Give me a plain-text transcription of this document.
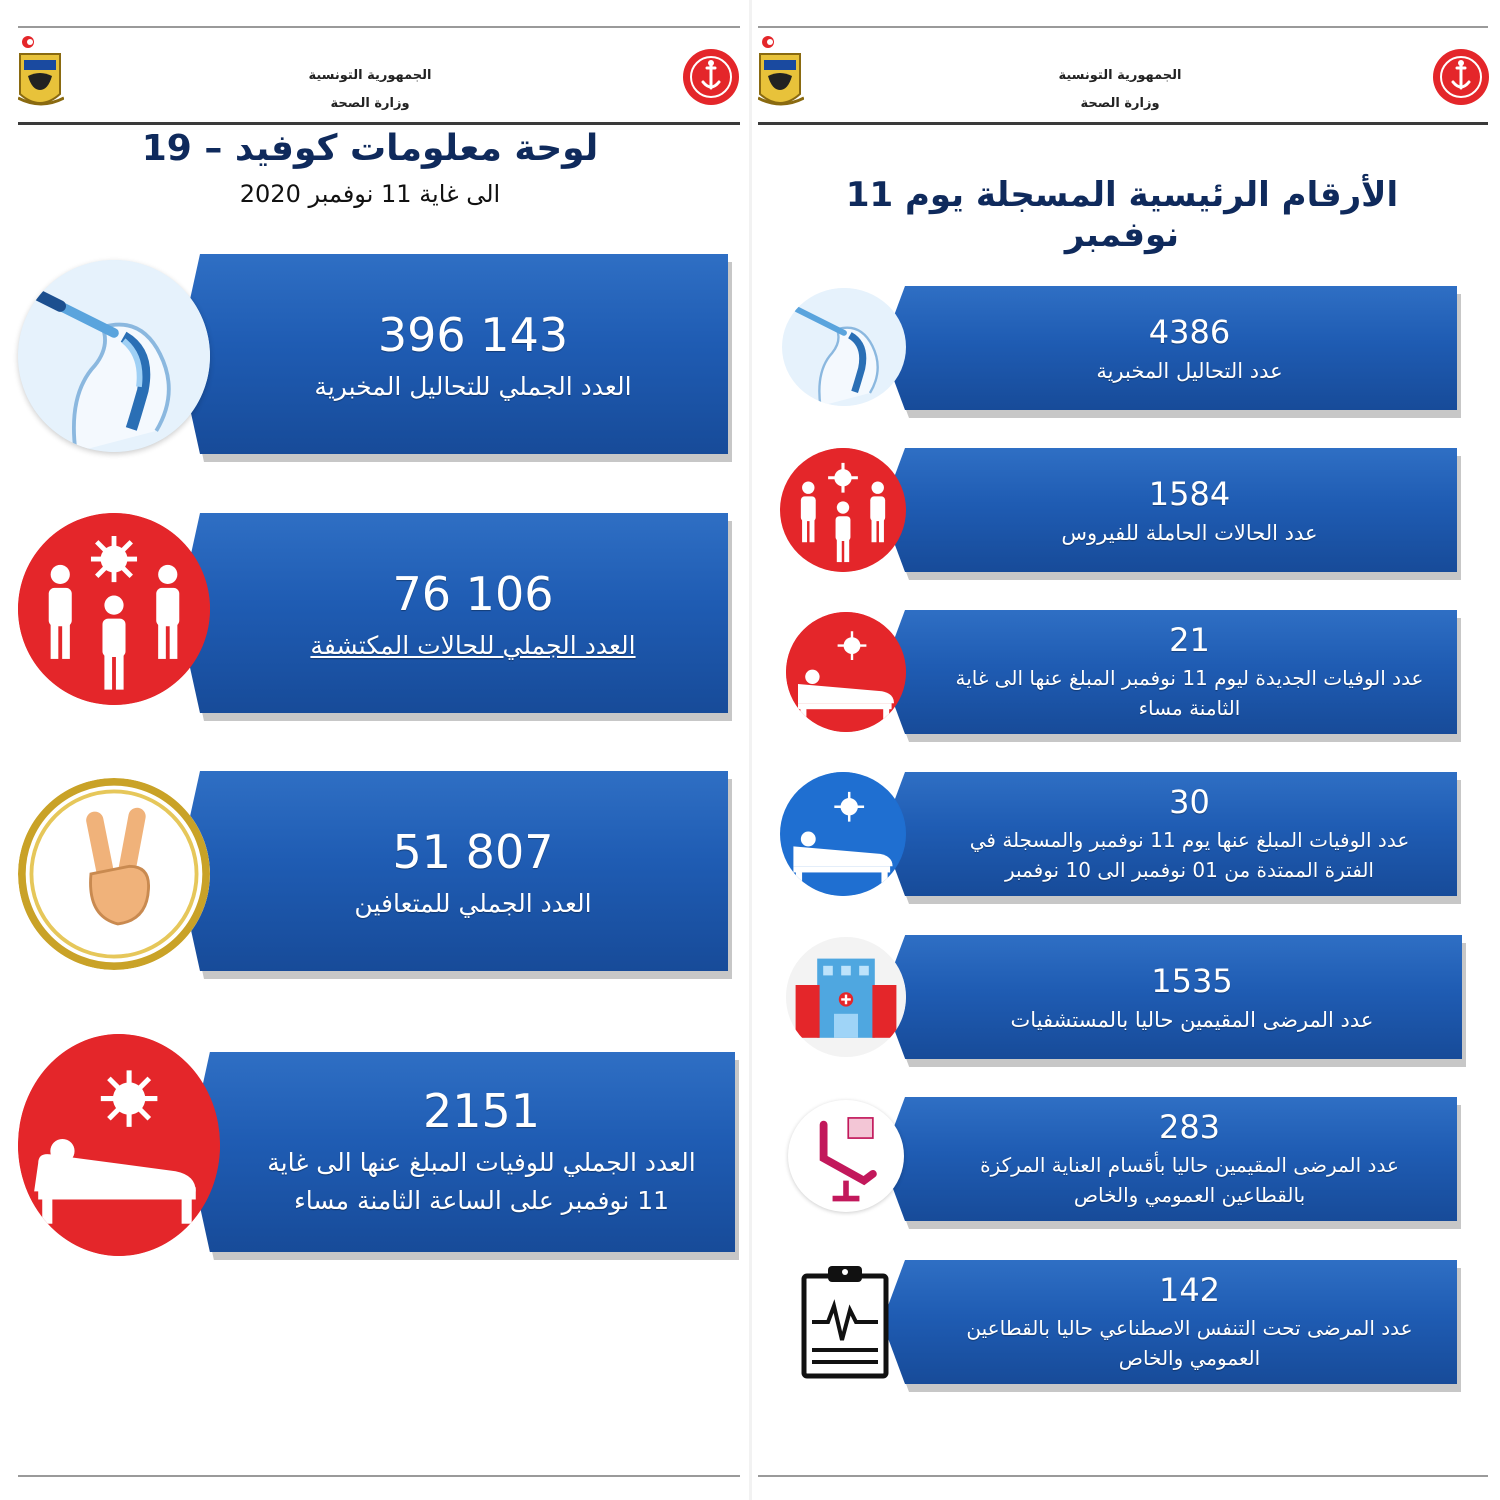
الجمهورية التونسية
وزارة الصحة
لوحة معلومات كوفيد – 19
الى غاية 11 نوفمبر 2020
396 143
العدد الجملي للتحاليل المخبرية
76 106
العدد الجملي للحالات المكتشفة
51 807
العدد الجملي للمتعافين
2151
العدد الجملي للوفيات المبلغ عنها الى غاية 11 نوفمبر على الساعة الثامنة مساء
الجمهورية التونسية
وزارة الصحة
الأرقام الرئيسية المسجلة يوم 11 نوفمبر
4386
عدد التحاليل المخبرية
1584
عدد الحالات الحاملة للفيروس
21
عدد الوفيات الجديدة ليوم 11 نوفمبر المبلغ عنها الى غاية الثامنة مساء
30
عدد الوفيات المبلغ عنها يوم 11 نوفمبر والمسجلة في الفترة الممتدة من 01 نوفمبر الى 10 نوفمبر
1535
عدد المرضى المقيمين حاليا بالمستشفيات
283
عدد المرضى المقيمين حاليا بأقسام العناية المركزة بالقطاعين العمومي والخاص
142
عدد المرضى تحت التنفس الاصطناعي حاليا بالقطاعين العمومي والخاص
